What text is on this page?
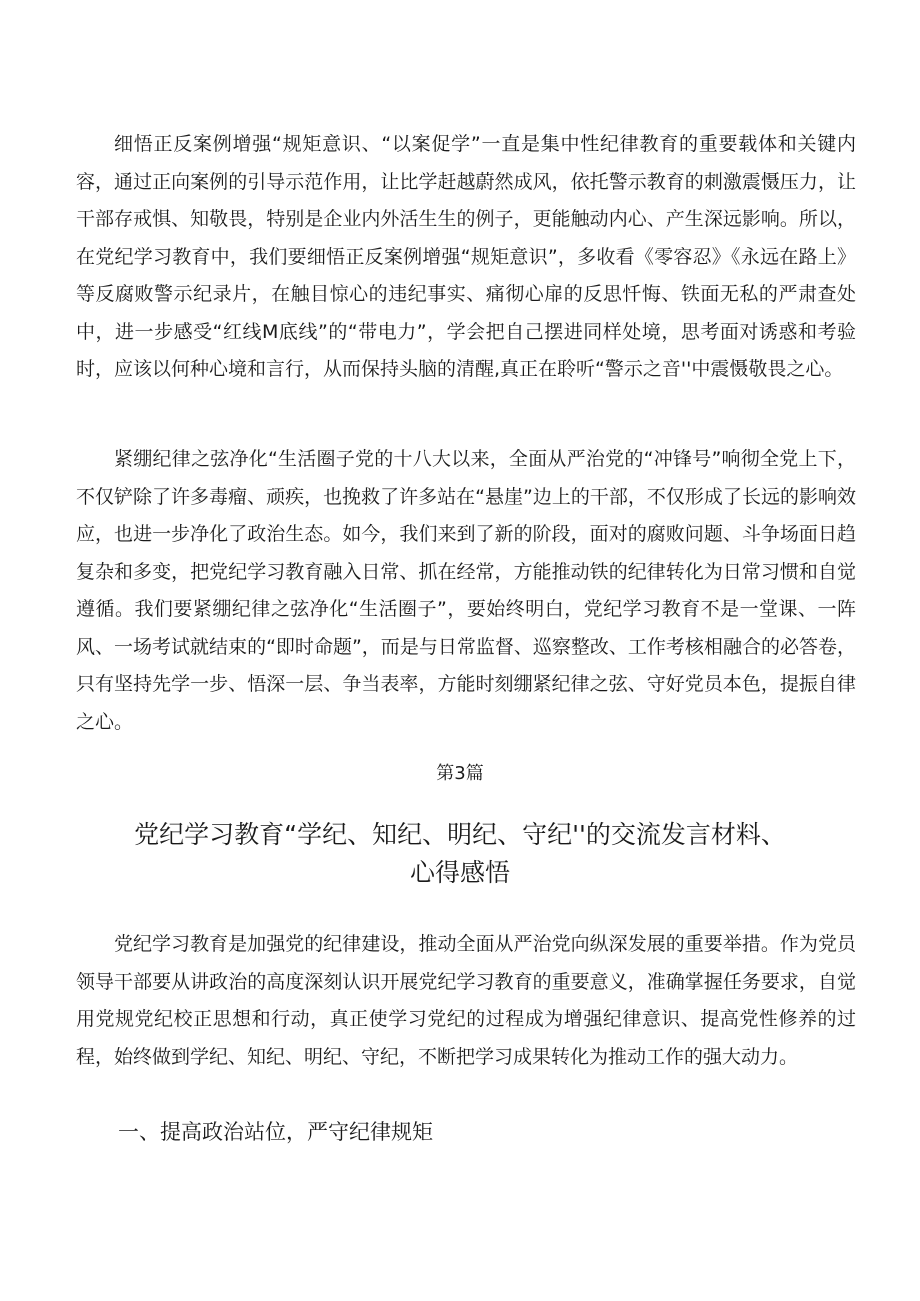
细悟正反案例增强“规矩意识、“以案促学”一直是集中性纪律教育的重要载体和关键内容，通过正向案例的引导示范作用，让比学赶越蔚然成风，依托警示教育的刺激震慑压力，让干部存戒惧、知敬畏，特别是企业内外活生生的例子，更能触动内心、产生深远影响。所以，在党纪学习教育中，我们要细悟正反案例增强“规矩意识”，多收看《零容忍》《永远在路上》等反腐败警示纪录片，在触目惊心的违纪事实、痛彻心扉的反思忏悔、铁面无私的严肃查处中，进一步感受“红线M底线”的“带电力”，学会把自己摆进同样处境，思考面对诱惑和考验时，应该以何种心境和言行，从而保持头脑的清醒,真正在聆听“警示之音''中震慑敬畏之心。

紧绷纪律之弦净化“生活圈子党的十八大以来，全面从严治党的“冲锋号”响彻全党上下，不仅铲除了许多毒瘤、顽疾，也挽救了许多站在“悬崖”边上的干部，不仅形成了长远的影响效应，也进一步净化了政治生态。如今，我们来到了新的阶段，面对的腐败问题、斗争场面日趋复杂和多变，把党纪学习教育融入日常、抓在经常，方能推动铁的纪律转化为日常习惯和自觉遵循。我们要紧绷纪律之弦净化“生活圈子”，要始终明白，党纪学习教育不是一堂课、一阵风、一场考试就结束的“即时命题”，而是与日常监督、巡察整改、工作考核相融合的必答卷，只有坚持先学一步、悟深一层、争当表率，方能时刻绷紧纪律之弦、守好党员本色，提振自律之心。

第3篇

党纪学习教育“学纪、知纪、明纪、守纪''的交流发言材料、心得感悟

党纪学习教育是加强党的纪律建设，推动全面从严治党向纵深发展的重要举措。作为党员领导干部要从讲政治的高度深刻认识开展党纪学习教育的重要意义，准确掌握任务要求，自觉用党规党纪校正思想和行动，真正使学习党纪的过程成为增强纪律意识、提高党性修养的过程，始终做到学纪、知纪、明纪、守纪，不断把学习成果转化为推动工作的强大动力。

一、提高政治站位，严守纪律规矩
